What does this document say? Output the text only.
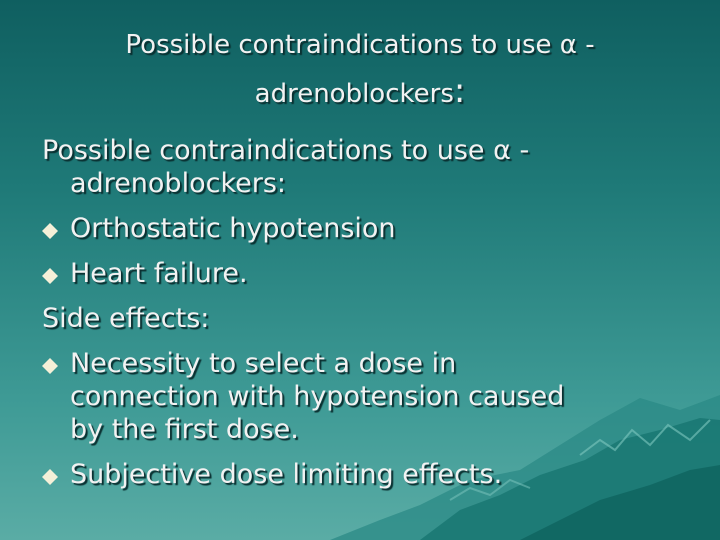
Possible contraindications to use α -
adrenoblockers:
Possible contraindications to use α -
adrenoblockers:
Orthostatic hypotension
Heart failure.
Side effects:
Necessity to select a dose in
connection with hypotension caused
by the first dose.
Subjective dose limiting effects.
